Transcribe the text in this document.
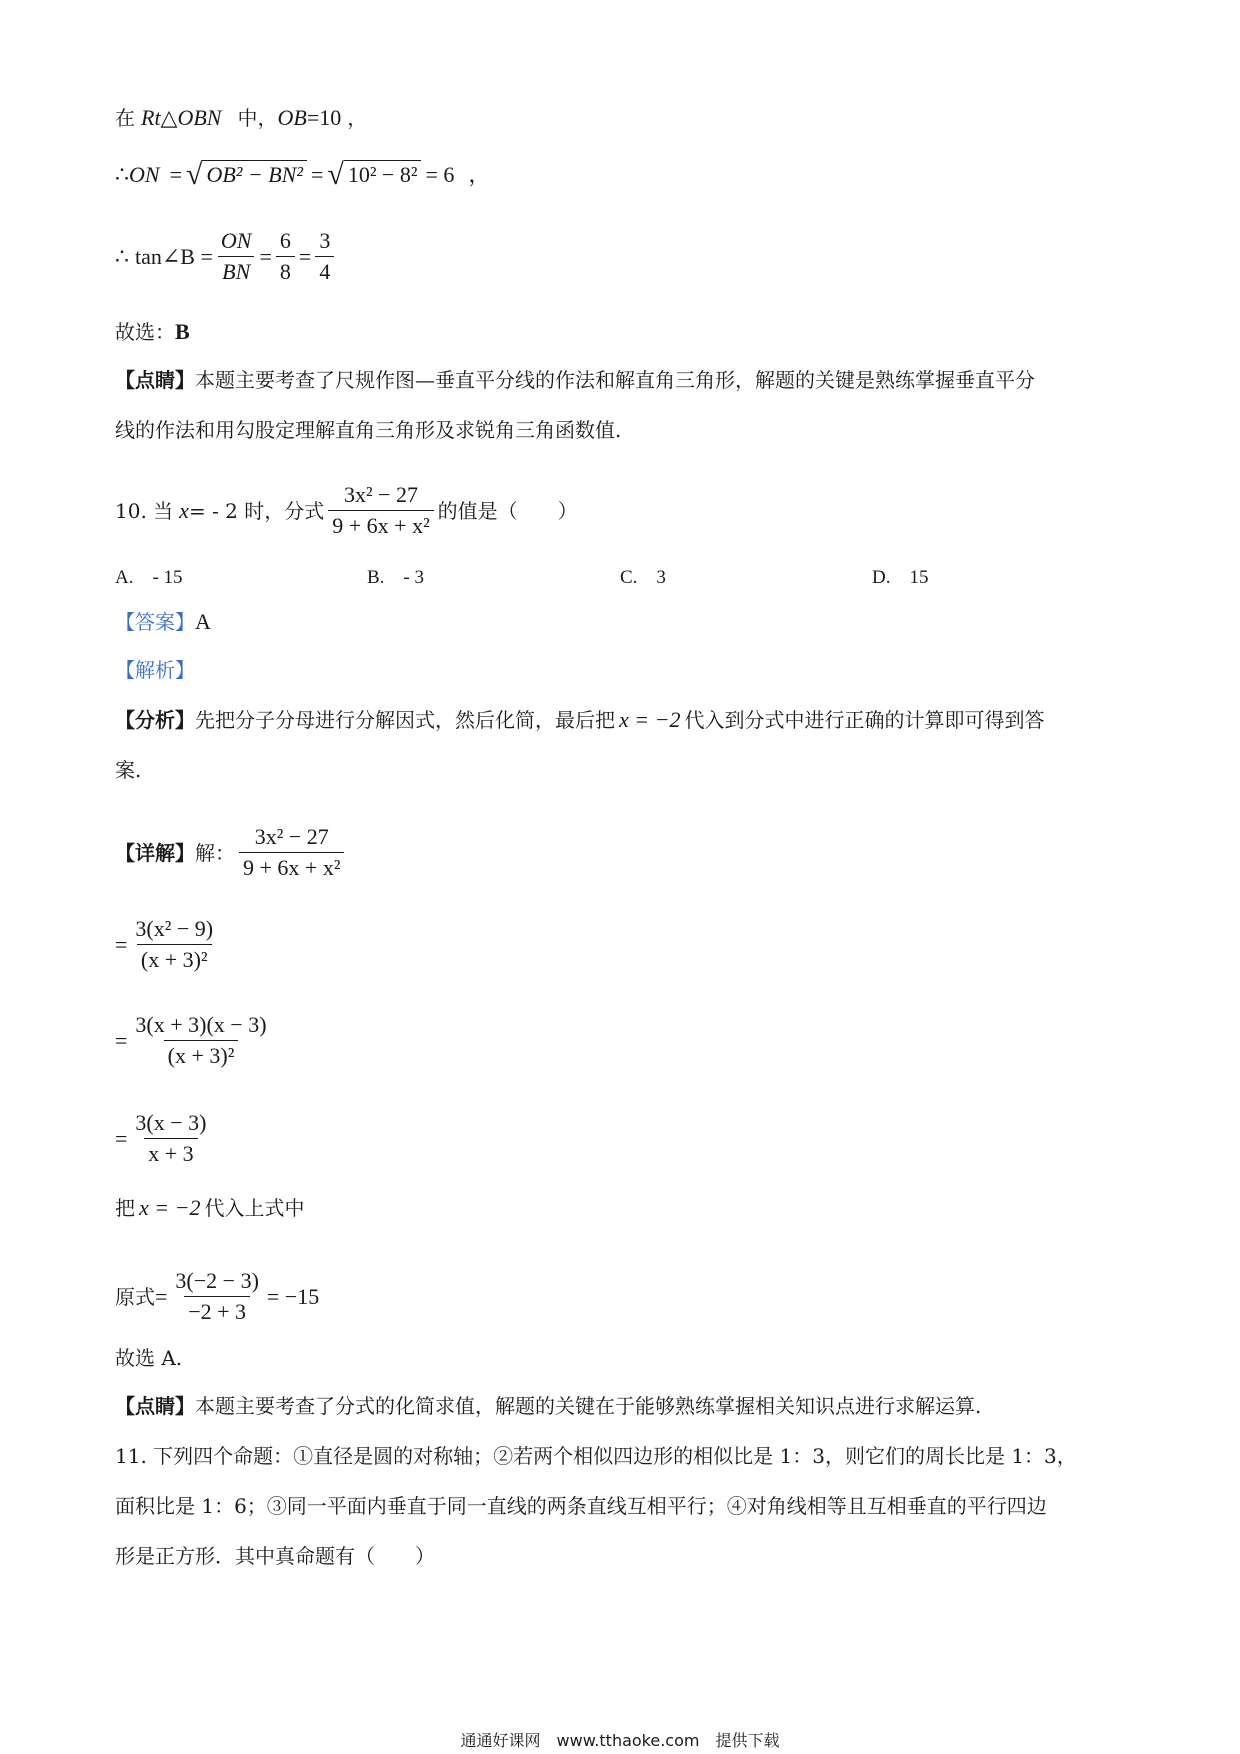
在 Rt△OBN 中， OB =10 ，
∴ ON = √ OB² − BN² = √ 10² − 8² = 6 ，
∴ tan∠B = $\frac{ON}{BN} = \frac{6}{8} = \frac{3}{4}$
故选： B
【点睛】 本题主要考查了尺规作图—垂直平分线的作法和解直角三角形，解题的关键是熟练掌握垂直平分
线的作法和用勾股定理解直角三角形及求锐角三角函数值.
10. 当 x = - 2 时，分式 $\frac{\text{3x² − 27}}{\text{9 + 6x + x²}}$ 的值是（　　）
A.　- 15	B.　- 3	C.　3	D.　15
【答案】 A
【解析】
【分析】 先把分子分母进行分解因式，然后化简，最后把 x = −2 代入到分式中进行正确的计算即可得到答
案.
【详解】 解： $\frac{\text{3x² − 27}}{\text{9 + 6x + x²}}$
= $\frac{\text{3(x² − 9)}}{\text{(x + 3)²}}$
= $\frac{3(x + 3)(x - 3)}{\text{(x + 3)²}}$
= $\frac{3(x - 3)}{x + 3}$
把 x = −2 代入上式中
原式 = $\frac{3(-2 - 3)}{-2 + 3} = -15$
故选 A.
【点睛】 本题主要考查了分式的化简求值，解题的关键在于能够熟练掌握相关知识点进行求解运算.
11. 下列四个命题：①直径是圆的对称轴；②若两个相似四边形的相似比是 1：3，则它们的周长比是 1：3，
面积比是 1：6；③同一平面内垂直于同一直线的两条直线互相平行；④对角线相等且互相垂直的平行四边
形是正方形．其中真命题有（　　）
通通好课网　www.tthaoke.com　提供下载
